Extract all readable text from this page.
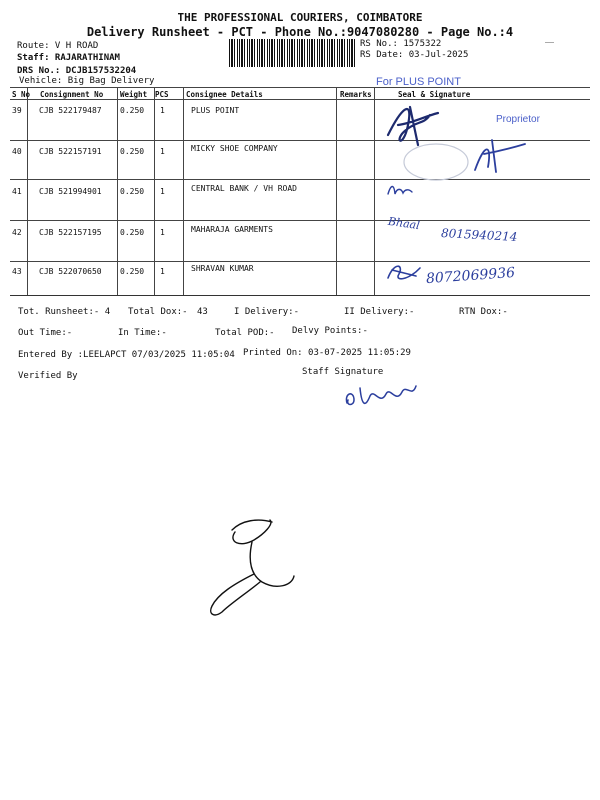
THE PROFESSIONAL COURIERS, COIMBATORE
Delivery Runsheet - PCT - Phone No.:9047080280 - Page No.:4
Route: V H ROAD
Staff: RAJARATHINAM
DRS No.: DCJB157532204
Vehicle: Big Bag Delivery
RS No.: 1575322
RS Date: 03-Jul-2025
S No Consignment No Weight PCS Consignee Details	Remarks	Seal & Signature
39 CJB 522179487 0.250 1	PLUS POINT
40 CJB 522157191 0.250 1	MICKY SHOE COMPANY
41 CJB 521994901 0.250 1	CENTRAL BANK / VH ROAD
42 CJB 522157195 0.250 1	MAHARAJA GARMENTS
43 CJB 522070650 0.250 1	SHRAVAN KUMAR
For PLUS POINT
Proprietor
8015940214
8072069936
Bhaal
Tot. Runsheet:- 4 Total Dox:- 43	I Delivery:-	II Delivery:-	RTN Dox:-
Out Time:-	In Time:-	Total POD:- Delvy Points:-
Entered By :LEELAPCT 07/03/2025 11:05:04 Printed On: 03-07-2025 11:05:29
Verified By	Staff Signature
